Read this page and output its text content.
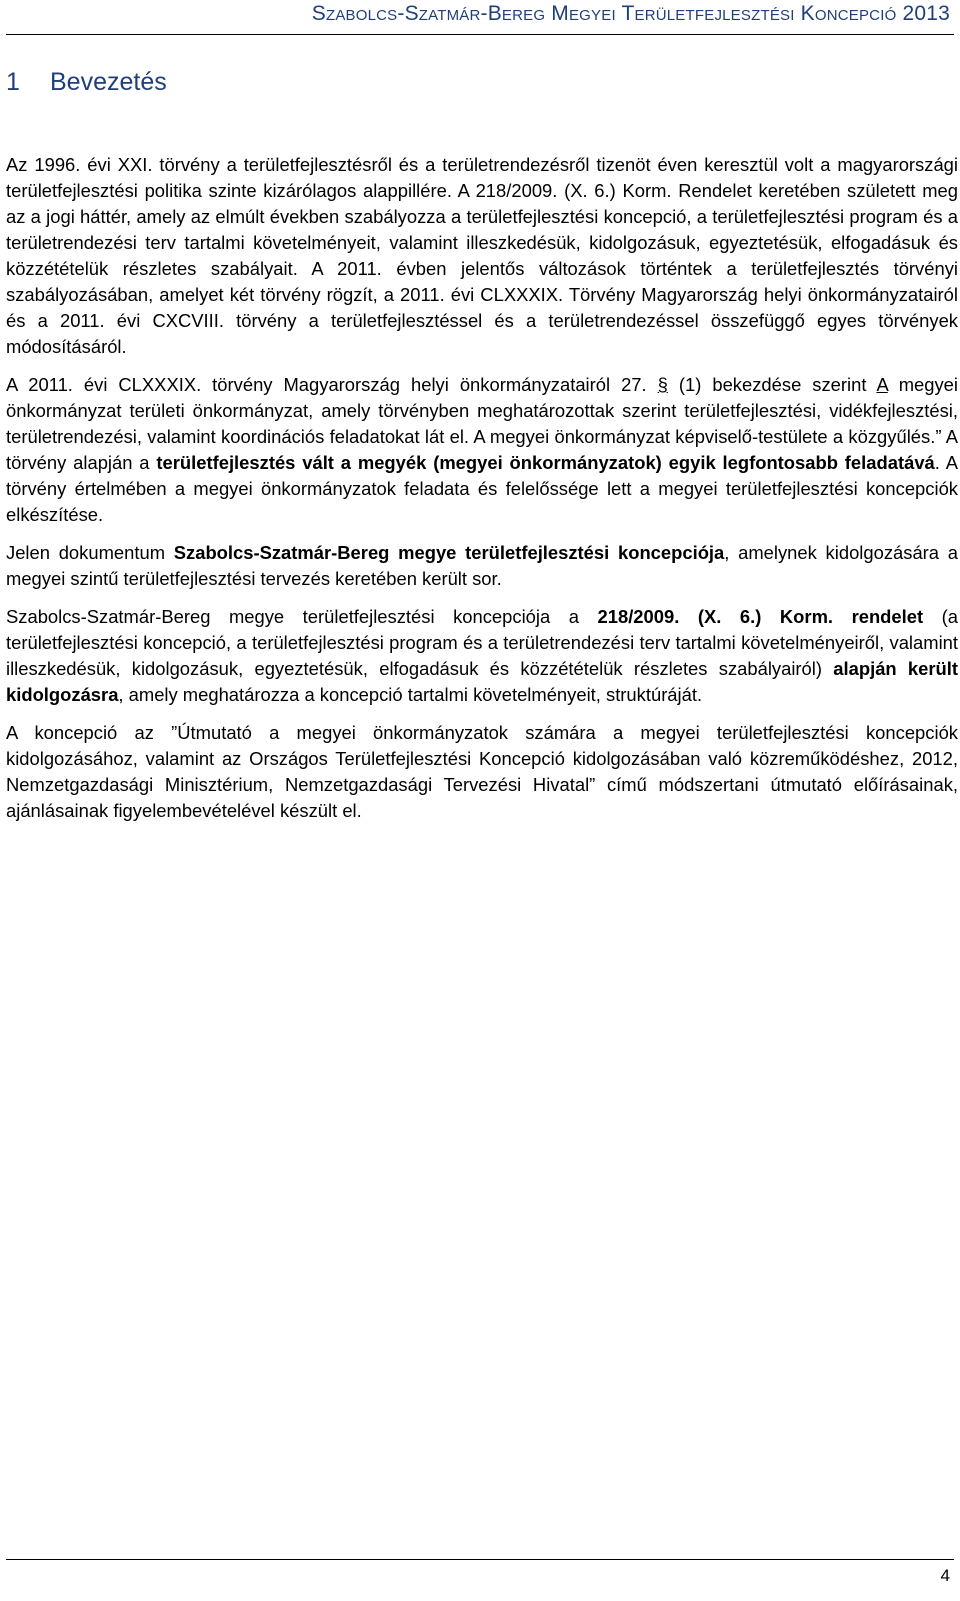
Szabolcs-Szatmár-Bereg Megyei Területfejlesztési Koncepció 2013
1 Bevezetés

Az 1996. évi XXI. törvény a területfejlesztésről és a területrendezésről tizenöt éven keresztül volt a magyarországi területfejlesztési politika szinte kizárólagos alappillére. A 218/2009. (X. 6.) Korm. Rendelet keretében született meg az a jogi háttér, amely az elmúlt években szabályozza a területfejlesztési koncepció, a területfejlesztési program és a területrendezési terv tartalmi követelményeit, valamint illeszkedésük, kidolgozásuk, egyeztetésük, elfogadásuk és közzétételük részletes szabályait. A 2011. évben jelentős változások történtek a területfejlesztés törvényi szabályozásában, amelyet két törvény rögzít, a 2011. évi CLXXXIX. Törvény Magyarország helyi önkormányzatairól és a 2011. évi CXCVIII. törvény a területfejlesztéssel és a területrendezéssel összefüggő egyes törvények módosításáról.

A 2011. évi CLXXXIX. törvény Magyarország helyi önkormányzatairól 27. § (1) bekezdése szerint A megyei önkormányzat területi önkormányzat, amely törvényben meghatározottak szerint területfejlesztési, vidékfejlesztési, területrendezési, valamint koordinációs feladatokat lát el. A megyei önkormányzat képviselő-testülete a közgyűlés.” A törvény alapján a területfejlesztés vált a megyék (megyei önkormányzatok) egyik legfontosabb feladatává. A törvény értelmében a megyei önkormányzatok feladata és felelőssége lett a megyei területfejlesztési koncepciók elkészítése.

Jelen dokumentum Szabolcs-Szatmár-Bereg megye területfejlesztési koncepciója, amelynek kidolgozására a megyei szintű területfejlesztési tervezés keretében került sor.

Szabolcs-Szatmár-Bereg megye területfejlesztési koncepciója a 218/2009. (X. 6.) Korm. rendelet (a területfejlesztési koncepció, a területfejlesztési program és a területrendezési terv tartalmi követelményeiről, valamint illeszkedésük, kidolgozásuk, egyeztetésük, elfogadásuk és közzétételük részletes szabályairól) alapján került kidolgozásra, amely meghatározza a koncepció tartalmi követelményeit, struktúráját.

A koncepció az ”Útmutató a megyei önkormányzatok számára a megyei területfejlesztési koncepciók kidolgozásához, valamint az Országos Területfejlesztési Koncepció kidolgozásában való közreműködéshez, 2012, Nemzetgazdasági Minisztérium, Nemzetgazdasági Tervezési Hivatal” című módszertani útmutató előírásainak, ajánlásainak figyelembevételével készült el.

4
